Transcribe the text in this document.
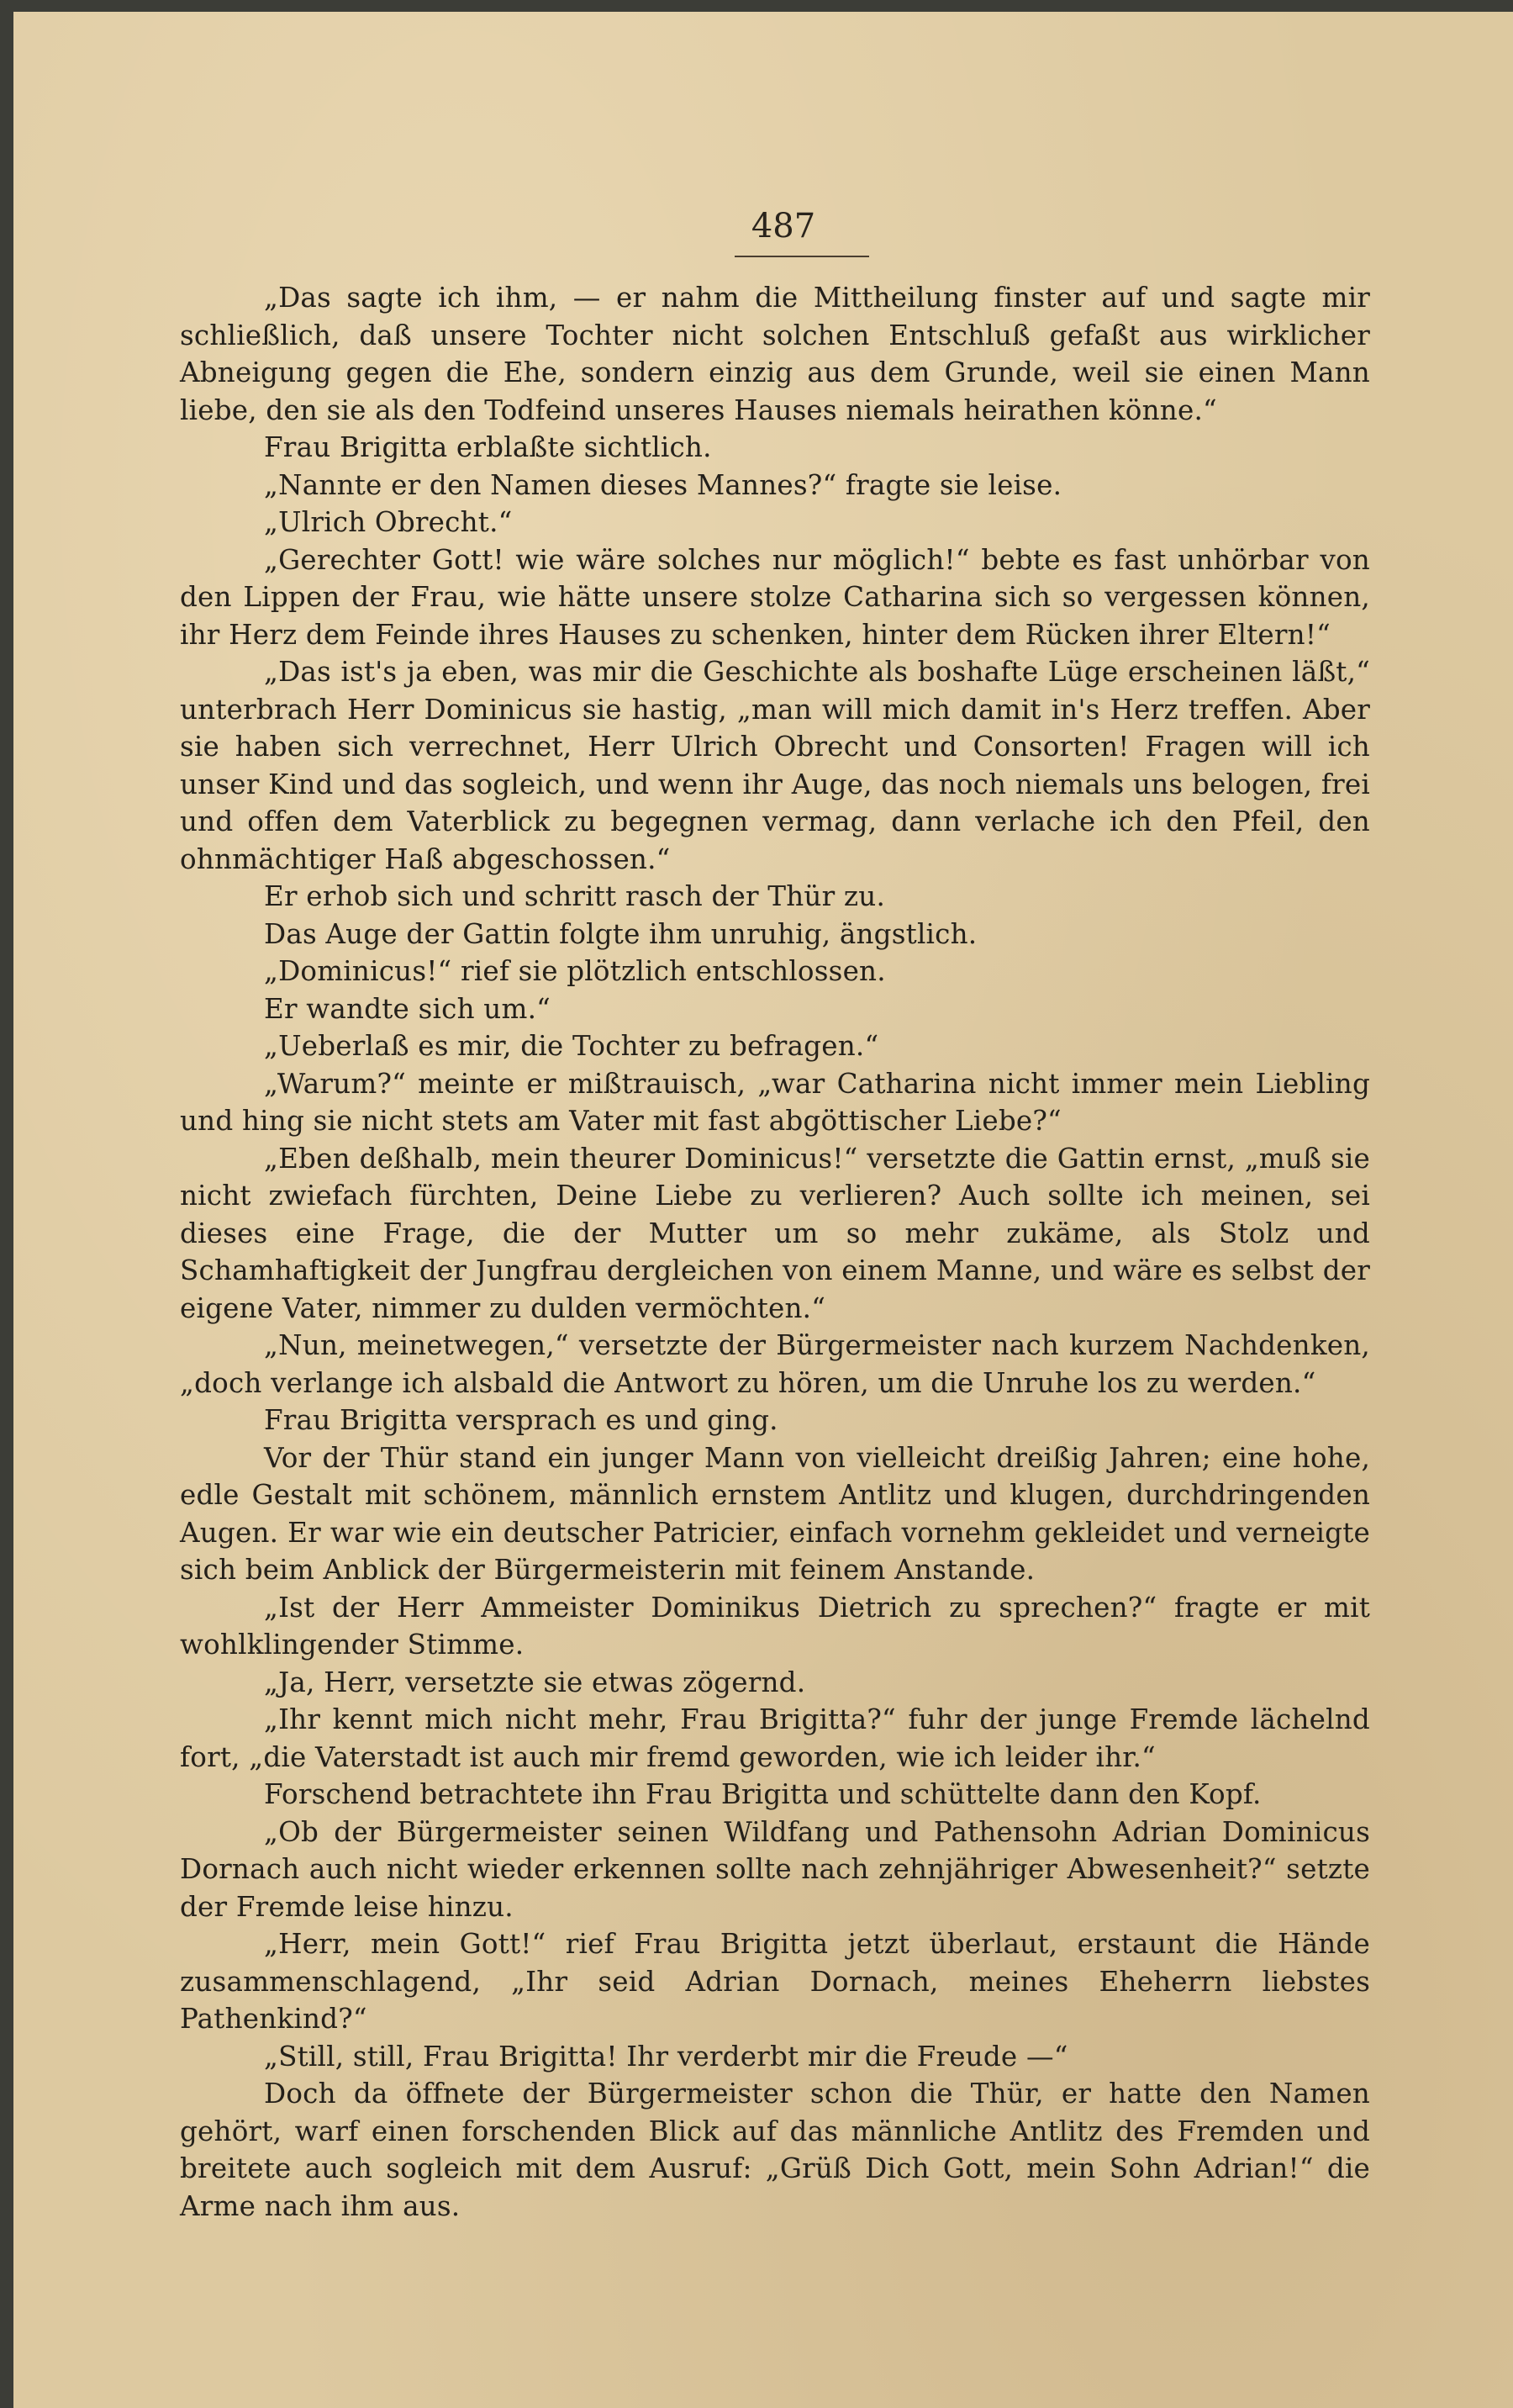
487

„Das sagte ich ihm, — er nahm die Mittheilung finster auf und sagte mir schließlich, daß unsere Tochter nicht solchen Entschluß gefaßt aus wirklicher Abneigung gegen die Ehe, sondern einzig aus dem Grunde, weil sie einen Mann liebe, den sie als den Todfeind unseres Hauses niemals heirathen könne.“

Frau Brigitta erblaßte sichtlich.

„Nannte er den Namen dieses Mannes?“ fragte sie leise.

„Ulrich Obrecht.“

„Gerechter Gott! wie wäre solches nur möglich!“ bebte es fast unhörbar von den Lippen der Frau, wie hätte unsere stolze Catharina sich so vergessen können, ihr Herz dem Feinde ihres Hauses zu schenken, hinter dem Rücken ihrer Eltern!“

„Das ist's ja eben, was mir die Geschichte als boshafte Lüge erscheinen läßt,“ unterbrach Herr Dominicus sie hastig, „man will mich damit in's Herz treffen. Aber sie haben sich verrechnet, Herr Ulrich Obrecht und Consorten! Fragen will ich unser Kind und das sogleich, und wenn ihr Auge, das noch niemals uns belogen, frei und offen dem Vaterblick zu begegnen vermag, dann verlache ich den Pfeil, den ohnmächtiger Haß abgeschossen.“

Er erhob sich und schritt rasch der Thür zu.

Das Auge der Gattin folgte ihm unruhig, ängstlich.

„Dominicus!“ rief sie plötzlich entschlossen.

Er wandte sich um.“

„Ueberlaß es mir, die Tochter zu befragen.“

„Warum?“ meinte er mißtrauisch, „war Catharina nicht immer mein Liebling und hing sie nicht stets am Vater mit fast abgöttischer Liebe?“

„Eben deßhalb, mein theurer Dominicus!“ versetzte die Gattin ernst, „muß sie nicht zwiefach fürchten, Deine Liebe zu verlieren? Auch sollte ich meinen, sei dieses eine Frage, die der Mutter um so mehr zukäme, als Stolz und Schamhaftigkeit der Jungfrau dergleichen von einem Manne, und wäre es selbst der eigene Vater, nimmer zu dulden vermöchten.“

„Nun, meinetwegen,“ versetzte der Bürgermeister nach kurzem Nachdenken, „doch verlange ich alsbald die Antwort zu hören, um die Unruhe los zu werden.“

Frau Brigitta versprach es und ging.

Vor der Thür stand ein junger Mann von vielleicht dreißig Jahren; eine hohe, edle Gestalt mit schönem, männlich ernstem Antlitz und klugen, durchdringenden Augen. Er war wie ein deutscher Patricier, einfach vornehm gekleidet und verneigte sich beim Anblick der Bürgermeisterin mit feinem Anstande.

„Ist der Herr Ammeister Dominikus Dietrich zu sprechen?“ fragte er mit wohlklingender Stimme.

„Ja, Herr, versetzte sie etwas zögernd.

„Ihr kennt mich nicht mehr, Frau Brigitta?“ fuhr der junge Fremde lächelnd fort, „die Vaterstadt ist auch mir fremd geworden, wie ich leider ihr.“

Forschend betrachtete ihn Frau Brigitta und schüttelte dann den Kopf.

„Ob der Bürgermeister seinen Wildfang und Pathensohn Adrian Dominicus Dornach auch nicht wieder erkennen sollte nach zehnjähriger Abwesenheit?“ setzte der Fremde leise hinzu.

„Herr, mein Gott!“ rief Frau Brigitta jetzt überlaut, erstaunt die Hände zusammenschlagend, „Ihr seid Adrian Dornach, meines Eheherrn liebstes Pathenkind?“

„Still, still, Frau Brigitta! Ihr verderbt mir die Freude —“

Doch da öffnete der Bürgermeister schon die Thür, er hatte den Namen gehört, warf einen forschenden Blick auf das männliche Antlitz des Fremden und breitete auch sogleich mit dem Ausruf: „Grüß Dich Gott, mein Sohn Adrian!“ die Arme nach ihm aus.
